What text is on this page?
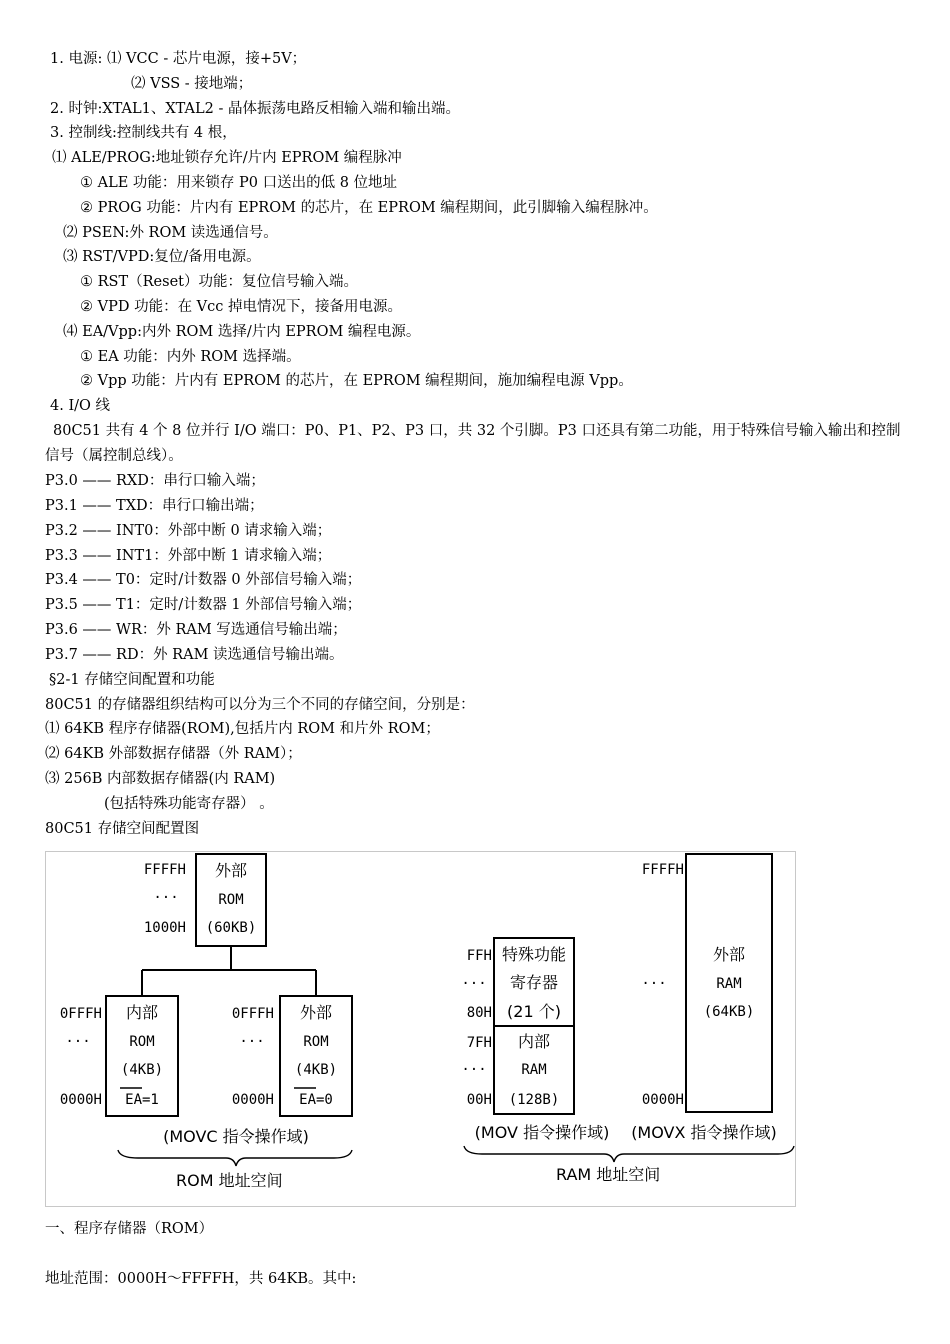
1. 电源: ⑴ VCC - 芯片电源，接+5V；
⑵ VSS - 接地端；
2. 时钟:XTAL1、XTAL2 - 晶体振荡电路反相输入端和输出端。
3. 控制线:控制线共有 4 根，
⑴ ALE/PROG:地址锁存允许/片内 EPROM 编程脉冲
① ALE 功能：用来锁存 P0 口送出的低 8 位地址
② PROG 功能：片内有 EPROM 的芯片，在 EPROM 编程期间，此引脚输入编程脉冲。
⑵ PSEN:外 ROM 读选通信号。
⑶ RST/VPD:复位/备用电源。
① RST（Reset）功能：复位信号输入端。
② VPD 功能：在 Vcc 掉电情况下，接备用电源。
⑷ EA/Vpp:内外 ROM 选择/片内 EPROM 编程电源。
① EA 功能：内外 ROM 选择端。
② Vpp 功能：片内有 EPROM 的芯片，在 EPROM 编程期间，施加编程电源 Vpp。
4. I/O 线
80C51 共有 4 个 8 位并行 I/O 端口：P0、P1、P2、P3 口，共 32 个引脚。P3 口还具有第二功能，用于特殊信号输入输出和控制信号（属控制总线）。
P3.0 —— RXD：串行口输入端；
P3.1 —— TXD：串行口输出端；
P3.2 —— INT0：外部中断 0 请求输入端；
P3.3 —— INT1：外部中断 1 请求输入端；
P3.4 —— T0：定时/计数器 0 外部信号输入端；
P3.5 —— T1：定时/计数器 1 外部信号输入端；
P3.6 —— WR：外 RAM 写选通信号输出端；
P3.7 —— RD：外 RAM 读选通信号输出端。
§2-1 存储空间配置和功能
80C51 的存储器组织结构可以分为三个不同的存储空间，分别是：
⑴ 64KB 程序存储器(ROM),包括片内 ROM 和片外 ROM；
⑵ 64KB 外部数据存储器（外 RAM）；
⑶ 256B 内部数据存储器(内 RAM)
(包括特殊功能寄存器） 。
80C51 存储空间配置图
FFFFH
···
1000H
外部
ROM
(60KB)
0FFFH
···
0000H
内部
ROM
(4KB)
EA=1
0FFFH
···
0000H
外部
ROM
(4KB)
EA=0
FFH
···
80H
特殊功能
寄存器
(21 个)
7FH
···
00H
内部
RAM
(128B)
FFFFH
···
0000H
外部
RAM
(64KB)
(MOVC 指令操作域)
ROM 地址空间
(MOV 指令操作域) (MOVX 指令操作域)
RAM 地址空间
一、程序存储器（ROM）
地址范围：0000H～FFFFH，共 64KB。其中:
